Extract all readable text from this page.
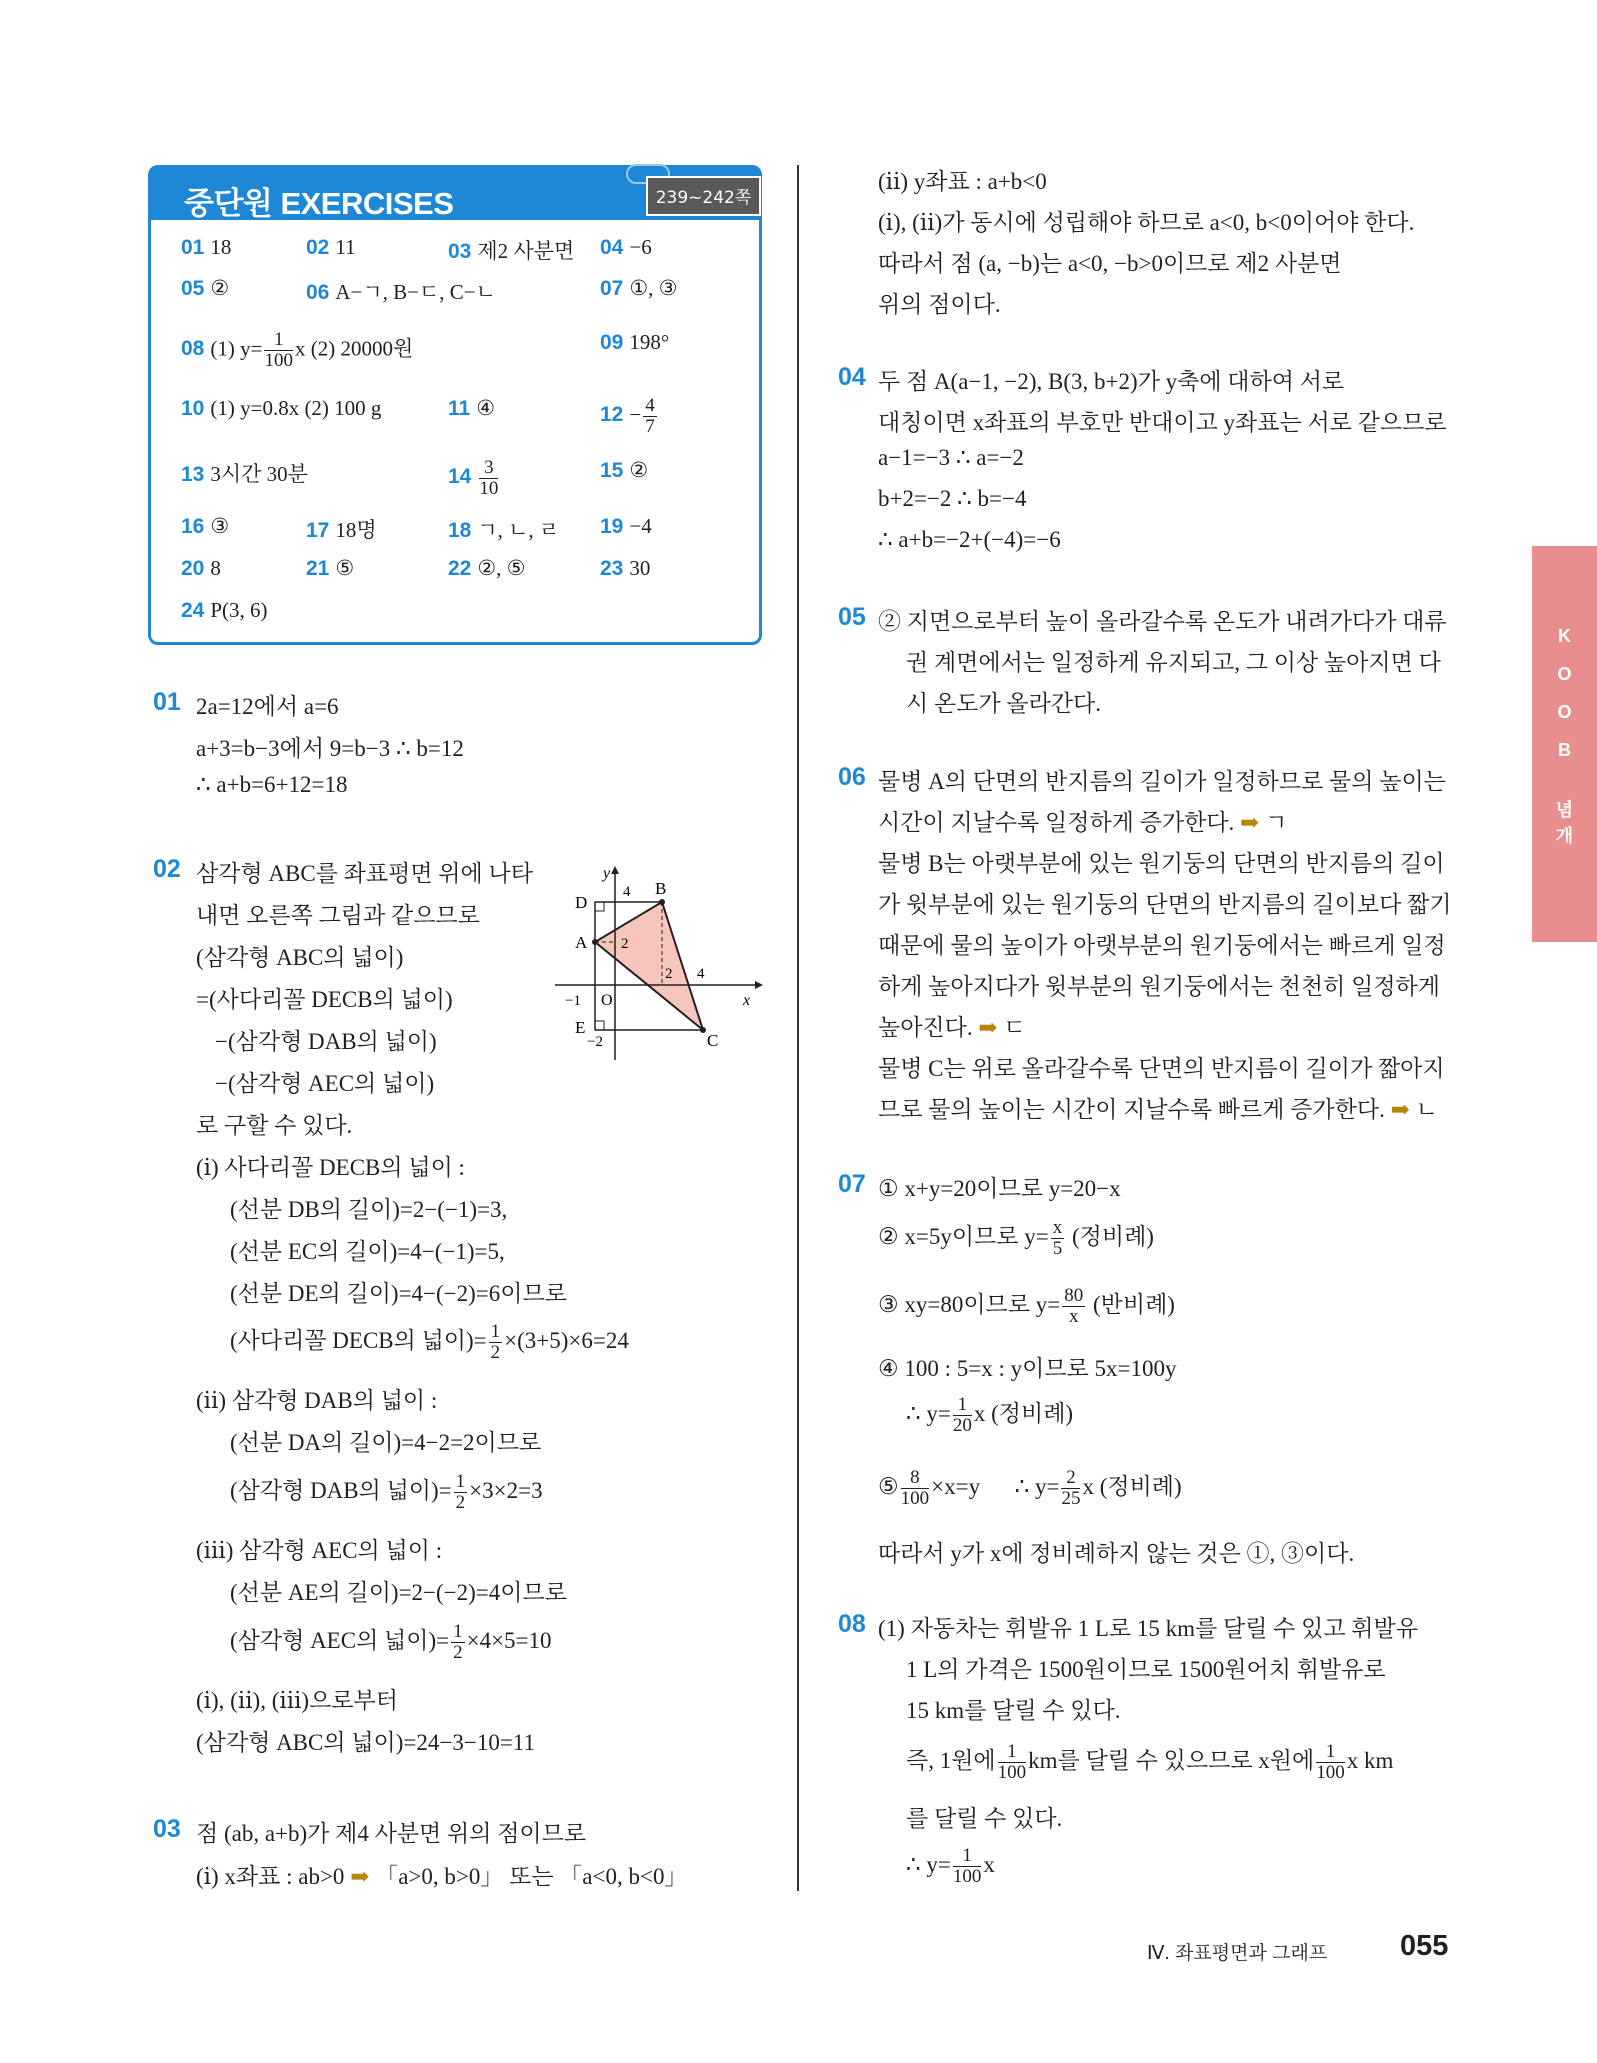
중단원 EXERCISES	239~242쪽
01 18	02 11	03 제2 사분면 04 −6
05 ②	06 A−ㄱ, B−ㄷ, C−ㄴ	07 ①, ③
08 (1) $y= \frac{1}{100}$ x (2) 20000원	09 198°
10 (1) y=0.8x (2) 100 g	11 ④	$12 - \frac{4}{7}$
13 3시간 30분	$14 \frac{3}{10}$	15 ②
16 ③	17 18명	18 ㄱ, ㄴ, ㄹ 19 −4
20 8	21 ⑤	22 ②, ⑤	23 30
24 P(3, 6)
01 2a=12에서 a=6
a+3=b−3에서 9=b−3 ∴ b=12
∴ a+b=6+12=18
02 삼각형 ABC를 좌표평면 위에 나타
내면 오른쪽 그림과 같으므로
(삼각형 ABC의 넓이)
=(사다리꼴 DECB의 넓이)
−(삼각형 DAB의 넓이)
−(삼각형 AEC의 넓이)
로 구할 수 있다.
(ⅰ) 사다리꼴 DECB의 넓이 :
(선분 DB의 길이)=2−(−1)=3,
(선분 EC의 길이)=4−(−1)=5,
(선분 DE의 길이)=4−(−2)=6이므로
(사다리꼴 DECB의 넓이)= $\frac{1}{2} \times(3+5)\times 6=24$
(ⅱ) 삼각형 DAB의 넓이 :
(선분 DA의 길이)=4−2=2이므로
(삼각형 DAB의 넓이)= $\frac{1}{2} \times 3\times 2=3$
(ⅲ) 삼각형 AEC의 넓이 :
(선분 AE의 길이)=2−(−2)=4이므로
(삼각형 AEC의 넓이)= $\frac{1}{2} \times 4\times 5=10$
(ⅰ), (ⅱ), (ⅲ)으로부터
(삼각형 ABC의 넓이)=24−3−10=11
y
x
B
D
A
E
C
O
4
2
−1
−2
2 4
03 점 (ab, a+b)가 제4 사분면 위의 점이므로
(ⅰ) x좌표 : ab>0 ➡ 「a>0, b>0」 또는 「a<0, b<0」
(ⅱ) y좌표 : a+b<0
(ⅰ), (ⅱ)가 동시에 성립해야 하므로 a<0, b<0이어야 한다.
따라서 점 (a, −b)는 a<0, −b>0이므로 제2 사분면
위의 점이다.
04 두 점 A(a−1, −2), B(3, b+2)가 y축에 대하여 서로
대칭이면 x좌표의 부호만 반대이고 y좌표는 서로 같으므로
a−1=−3 ∴ a=−2
b+2=−2 ∴ b=−4
∴ a+b=−2+(−4)=−6
05 ② 지면으로부터 높이 올라갈수록 온도가 내려가다가 대류
권 계면에서는 일정하게 유지되고, 그 이상 높아지면 다
시 온도가 올라간다.
06 물병 A의 단면의 반지름의 길이가 일정하므로 물의 높이는
시간이 지날수록 일정하게 증가한다. ➡ ㄱ
물병 B는 아랫부분에 있는 원기둥의 단면의 반지름의 길이
가 윗부분에 있는 원기둥의 단면의 반지름의 길이보다 짧기
때문에 물의 높이가 아랫부분의 원기둥에서는 빠르게 일정
하게 높아지다가 윗부분의 원기둥에서는 천천히 일정하게
높아진다. ➡ ㄷ
물병 C는 위로 올라갈수록 단면의 반지름이 길이가 짧아지
므로 물의 높이는 시간이 지날수록 빠르게 증가한다. ➡ ㄴ
07 ① x+y=20이므로 y=20−x
② x=5y이므로 $y= \frac{x}{5}$ (정비례)
③ xy=80이므로 $y= \frac{80}{x}$ (반비례)
④ 100 : 5=x : y이므로 5x=100y
∴ $y= \frac{1}{20}$ x (정비례)
⑤ $\frac{8}{100} \times x=y$ ∴ $y= \frac{2}{25}$ x (정비례)
따라서 y가 x에 정비례하지 않는 것은 ①, ③이다.
08 (1) 자동차는 휘발유 1 L로 15 km를 달릴 수 있고 휘발유
1 L의 가격은 1500원이므로 1500원어치 휘발유로
15 km를 달릴 수 있다.
즉, 1원에 $\frac{1}{100}$ km를 달릴 수 있으므로 x원에 $\frac{1}{100}$ x km
를 달릴 수 있다.
∴ $y= \frac{1}{100}$ x
K
O
O
B
념
개
Ⅳ. 좌표평면과 그래프	055
